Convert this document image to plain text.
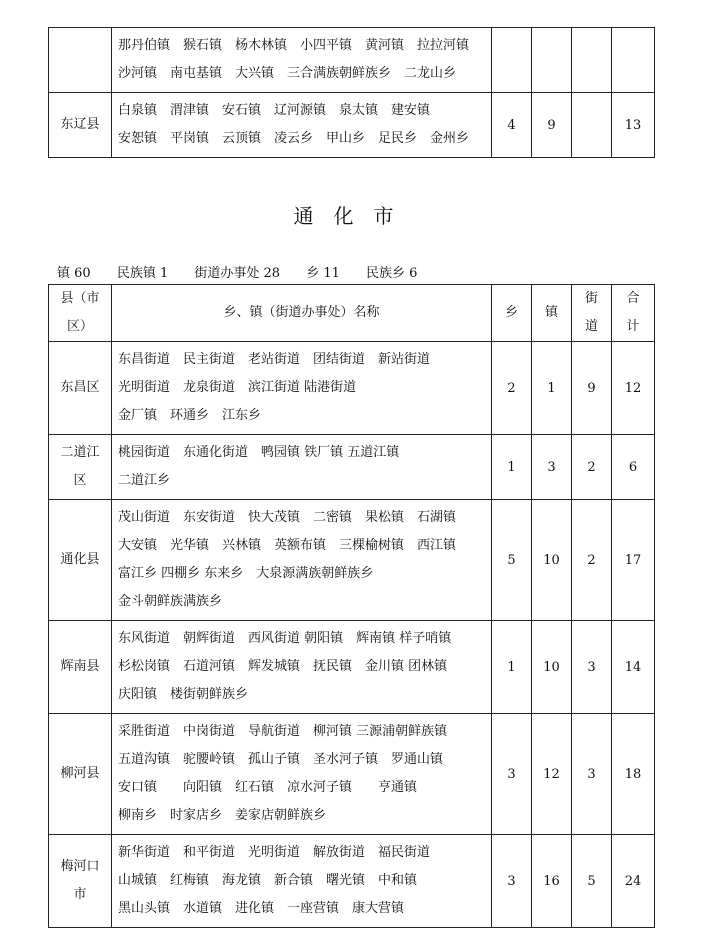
	那丹伯镇　猴石镇　杨木林镇　小四平镇　黄河镇　拉拉河镇
沙河镇　南屯基镇　大兴镇　三合满族朝鲜族乡　二龙山乡				

东辽县	白泉镇　渭津镇　安石镇　辽河源镇　泉太镇　建安镇
安恕镇　平岗镇　云顶镇　凌云乡　甲山乡　足民乡　金州乡	4	9		13
通化市
镇 60 民族镇 1 街道办事处 28 乡 11 民族乡 6
县（市
区）	乡、镇（街道办事处）名称	乡	镇	街
道	合
计

东昌区	东昌街道　民主街道　老站街道　团结街道　新站街道
光明街道　龙泉街道　滨江街道 陆港街道
金厂镇　环通乡　江东乡	2	1	9	12

二道江
区	桃园街道　东通化街道　鸭园镇 铁厂镇 五道江镇
二道江乡	1	3	2	6

通化县	茂山街道　东安街道　快大茂镇　二密镇　果松镇　石湖镇
大安镇　光华镇　兴林镇　英额布镇　三棵榆树镇　西江镇
富江乡 四棚乡 东来乡　大泉源满族朝鲜族乡
金斗朝鲜族满族乡	5	10	2	17

辉南县	东风街道　朝辉街道　西风街道 朝阳镇　辉南镇 样子哨镇
杉松岗镇　石道河镇　辉发城镇　抚民镇　金川镇 团林镇
庆阳镇　楼街朝鲜族乡	1	10	3	14

柳河县	采胜街道　中岗街道　导航街道　柳河镇 三源浦朝鲜族镇
五道沟镇　驼腰岭镇　孤山子镇　圣水河子镇　罗通山镇
安口镇　　向阳镇　红石镇　凉水河子镇　　亨通镇
柳南乡　时家店乡　姜家店朝鲜族乡	3	12	3	18

梅河口
市	新华街道　和平街道　光明街道　解放街道　福民街道
山城镇　红梅镇　海龙镇　新合镇　曙光镇　中和镇
黑山头镇　水道镇　进化镇　一座营镇　康大营镇	3	16	5	24
